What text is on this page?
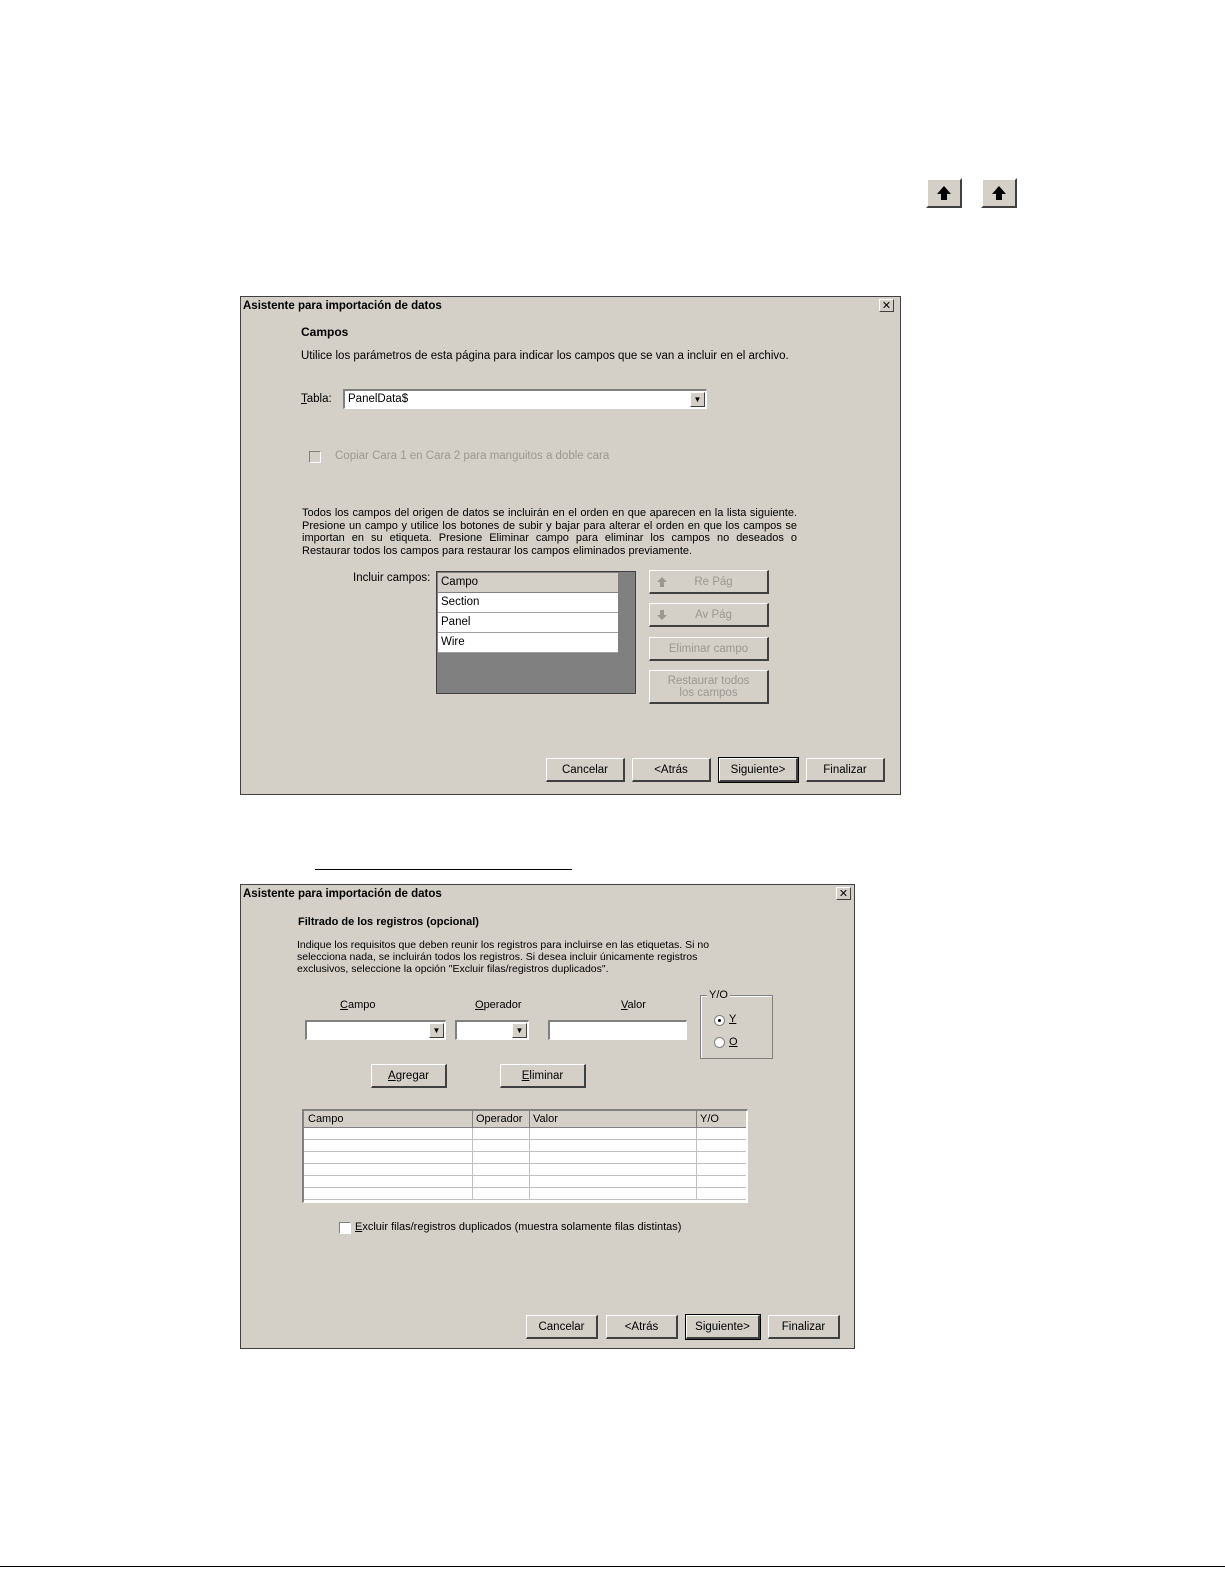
Asistente para importación de datos	✕
Campos
Utilice los parámetros de esta página para indicar los campos que se van a incluir en el archivo.
Tabla: PanelData$	▼
Copiar Cara 1 en Cara 2 para manguitos a doble cara
Todos los campos del origen de datos se incluirán en el orden en que aparecen en la lista siguiente. Presione un campo y utilice los botones de subir y bajar para alterar el orden en que los campos se importan en su etiqueta. Presione Eliminar campo para eliminar los campos no deseados o Restaurar todos los campos para restaurar los campos eliminados previamente.
Incluir campos: Campo
Section
Panel
Wire
Re Pág
Av Pág
Eliminar campo
Restaurar todos los campos
Cancelar	<Atrás	Siguiente>	Finalizar
Asistente para importación de datos	✕
Filtrado de los registros (opcional)
Indique los requisitos que deben reunir los registros para incluirse en las etiquetas. Si no selecciona nada, se incluirán todos los registros. Si desea incluir únicamente registros exclusivos, seleccione la opción "Excluir filas/registros duplicados".
Campo	Operador	Valor
▼	▼
Y/O
Y
O
A gregar	E liminar
Campo	Operador	Valor	Y/O

Excluir filas/registros duplicados (muestra solamente filas distintas)
Cancelar	<Atrás	Siguiente>	Finalizar
